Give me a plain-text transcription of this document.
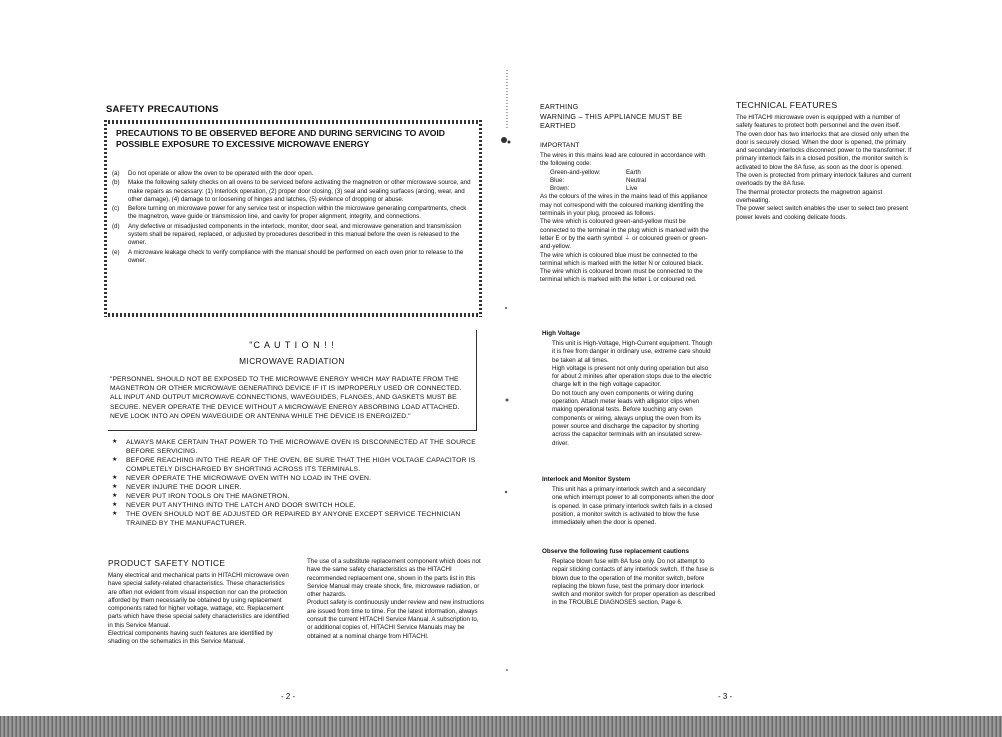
SAFETY PRECAUTIONS
PRECAUTIONS TO BE OBSERVED BEFORE AND DURING SERVICING TO AVOID POSSIBLE EXPOSURE TO EXCESSIVE MICROWAVE ENERGY
(a) Do not operate or allow the oven to be operated with the door open.
(b) Make the following safety checks on all ovens to be serviced before activating the magnetron or other microwave source, and make repairs as necessary: (1) Interlock operation, (2) proper door closing, (3) seal and sealing surfaces (arcing, wear, and other damage), (4) damage to or loosening of hinges and latches, (5) evidence of dropping or abuse.
(c) Before turning on microwave power for any service test or inspection within the microwave generating compartments, check the magnetron, wave guide or transmission line, and cavity for proper alignment, integrity, and connections.
(d) Any defective or misadjusted components in the interlock, monitor, door seal, and microwave generation and transmission system shall be repaired, replaced, or adjusted by procedures described in this manual before the oven is released to the owner.
(e) A microwave leakage check to verify compliance with the manual should be performed on each oven prior to release to the owner.
"C A U T I O N ! !
MICROWAVE RADIATION
"PERSONNEL SHOULD NOT BE EXPOSED TO THE MICROWAVE ENERGY WHICH MAY RADIATE FROM THE MAGNETRON OR OTHER MICROWAVE GENERATING DEVICE IF IT IS IMPROPERLY USED OR CONNECTED. ALL INPUT AND OUTPUT MICROWAVE CONNECTIONS, WAVEGUIDES, FLANGES, AND GASKETS MUST BE SECURE. NEVER OPERATE THE DEVICE WITHOUT A MICROWAVE ENERGY ABSORBING LOAD ATTACHED. NEVE LOOK INTO AN OPEN WAVEGUIDE OR ANTENNA WHILE THE DEVICE IS ENERGIZED."
★ ALWAYS MAKE CERTAIN THAT POWER TO THE MICROWAVE OVEN IS DISCONNECTED AT THE SOURCE BEFORE SERVICING.
★ BEFORE REACHING INTO THE REAR OF THE OVEN, BE SURE THAT THE HIGH VOLTAGE CAPACITOR IS COMPLETELY DISCHARGED BY SHORTING ACROSS ITS TERMINALS.
★ NEVER OPERATE THE MICROWAVE OVEN WITH NO LOAD IN THE OVEN.
★ NEVER INJURE THE DOOR LINER.
★ NEVER PUT IRON TOOLS ON THE MAGNETRON.
★ NEVER PUT ANYTHING INTO THE LATCH AND DOOR SWITCH HOLE.
★ THE OVEN SHOULD NOT BE ADJUSTED OR REPAIRED BY ANYONE EXCEPT SERVICE TECHNICIAN TRAINED BY THE MANUFACTURER.
PRODUCT SAFETY NOTICE
Many electrical and mechanical parts in HITACHI microwave oven have special safety-related characteristics. These characteristics are often not evident from visual inspection nor can the protection afforded by them necessarily be obtained by using replacement components rated for higher voltage, wattage, etc. Replacement parts which have these special safety characteristics are identified in this Service Manual.
Electrical components having such features are identified by shading on the schematics in this Service Manual.
The use of a substitute replacement component which does not have the same safety characteristics as the HITACHI recommended replacement one, shown in the parts list in this Service Manual may create shock, fire, microwave radiation, or other hazards.
Product safety is continuously under review and new instructions are issued from time to time. For the latest information, always consult the current HITACHI Service Manual. A subscription to, or additional copies of, HITACHI Service Manuals may be obtained at a nominal charge from HITACHI.
- 2 -
EARTHING
WARNING – THIS APPLIANCE MUST BE EARTHED
IMPORTANT
The wires in this mains lead are coloured in accordance with the following code:
Green-and-yellow:	Earth
Blue:	Neutral
Brown:	Live
As the colours of the wires in the mains lead of this appliance may not correspond with the coloured marking identifing the terminals in your plug, proceed as follows.
The wire which is coloured green-and-yellow must be connected to the terminal in the plug which is marked with the letter E or by the earth symbol ⏚ or coloured green or green-and-yellow.
The wire which is coloured blue must be connected to the terminal which is marked with the letter N or coloured black.
The wire which is coloured brown must be connected to the terminal which is marked with the letter L or coloured red.
High Voltage
This unit is High-Voltage, High-Current equipment. Though it is free from danger in ordinary use, extreme care should be taken at all times.
High voltage is present not only during operation but also for about 2 minites after operation stops due to the electric charge left in the high voltage capacitor.
Do not touch any oven components or wiring during operation. Attach meter leads with alligator clips when making operational tests. Before touching any oven components or wiring, always unplug the oven from its power source and discharge the capacitor by shorting across the capacitor terminals with an insulated screw-driver.
Interlock and Monitor System
This unit has a primary interlock switch and a secondary one which interrupt power to all components when the door is opened. In case primary interlock switch fails in a closed position, a monitor switch is activated to blow the fuse immediately when the door is opened.
Observe the following fuse replacement cautions
Replace blown fuse with 8A fuse only. Do not attempt to repair sticking contacts of any interlock switch. If the fuse is blown due to the operation of the monitor switch, before replacing the blown fuse, test the primary door interlock switch and monitor switch for proper operation as described in the TROUBLE DIAGNOSES section, Page 6.
TECHNICAL FEATURES
The HITACHI microwave oven is equipped with a number of safety features to protect both personnel and the oven itself.
The oven door has two interlocks that are closed only when the door is securely closed. When the door is opened, the primary and secondary interlocks disconnect power to the transformer. If primary interlock fails in a closed position, the monitor switch is activated to blow the 8A fuse, as soon as the door is opened.
The oven is protected from primary interlock failures and current overloads by the 8A fuse.
The thermal protector protects the magnetron against overheating.
The power select switch enables the user to select two present power levels and cooking delicate foods.
- 3 -
